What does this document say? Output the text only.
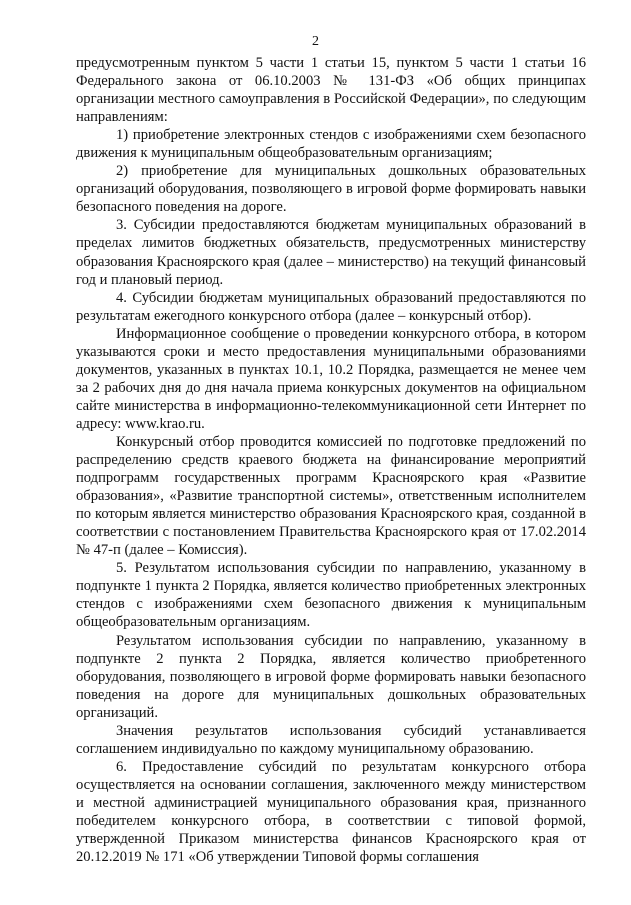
2

предусмотренным пунктом 5 части 1 статьи 15, пунктом 5 части 1 статьи 16 Федерального закона от 06.10.2003 № 131-ФЗ «Об общих принципах организации местного самоуправления в Российской Федерации», по следующим направлениям:

1) приобретение электронных стендов с изображениями схем безопасного движения к муниципальным общеобразовательным организациям;

2) приобретение для муниципальных дошкольных образовательных организаций оборудования, позволяющего в игровой форме формировать навыки безопасного поведения на дороге.

3. Субсидии предоставляются бюджетам муниципальных образований в пределах лимитов бюджетных обязательств, предусмотренных министерству образования Красноярского края (далее – министерство) на текущий финансовый год и плановый период.

4. Субсидии бюджетам муниципальных образований предоставляются по результатам ежегодного конкурсного отбора (далее – конкурсный отбор).

Информационное сообщение о проведении конкурсного отбора, в котором указываются сроки и место предоставления муниципальными образованиями документов, указанных в пунктах 10.1, 10.2 Порядка, размещается не менее чем за 2 рабочих дня до дня начала приема конкурсных документов на официальном сайте министерства в информационно-телекоммуникационной сети Интернет по адресу: www.krao.ru.

Конкурсный отбор проводится комиссией по подготовке предложений по распределению средств краевого бюджета на финансирование мероприятий подпрограмм государственных программ Красноярского края «Развитие образования», «Развитие транспортной системы», ответственным исполнителем по которым является министерство образования Красноярского края, созданной в соответствии с постановлением Правительства Красноярского края от 17.02.2014 № 47-п (далее – Комиссия).

5. Результатом использования субсидии по направлению, указанному в подпункте 1 пункта 2 Порядка, является количество приобретенных электронных стендов с изображениями схем безопасного движения к муниципальным общеобразовательным организациям.

Результатом использования субсидии по направлению, указанному в подпункте 2 пункта 2 Порядка, является количество приобретенного оборудования, позволяющего в игровой форме формировать навыки безопасного поведения на дороге для муниципальных дошкольных образовательных организаций.

Значения результатов использования субсидий устанавливается соглашением индивидуально по каждому муниципальному образованию.

6. Предоставление субсидий по результатам конкурсного отбора осуществляется на основании соглашения, заключенного между министерством и местной администрацией муниципального образования края, признанного победителем конкурсного отбора, в соответствии с типовой формой, утвержденной Приказом министерства финансов Красноярского края от 20.12.2019 № 171 «Об утверждении Типовой формы соглашения
